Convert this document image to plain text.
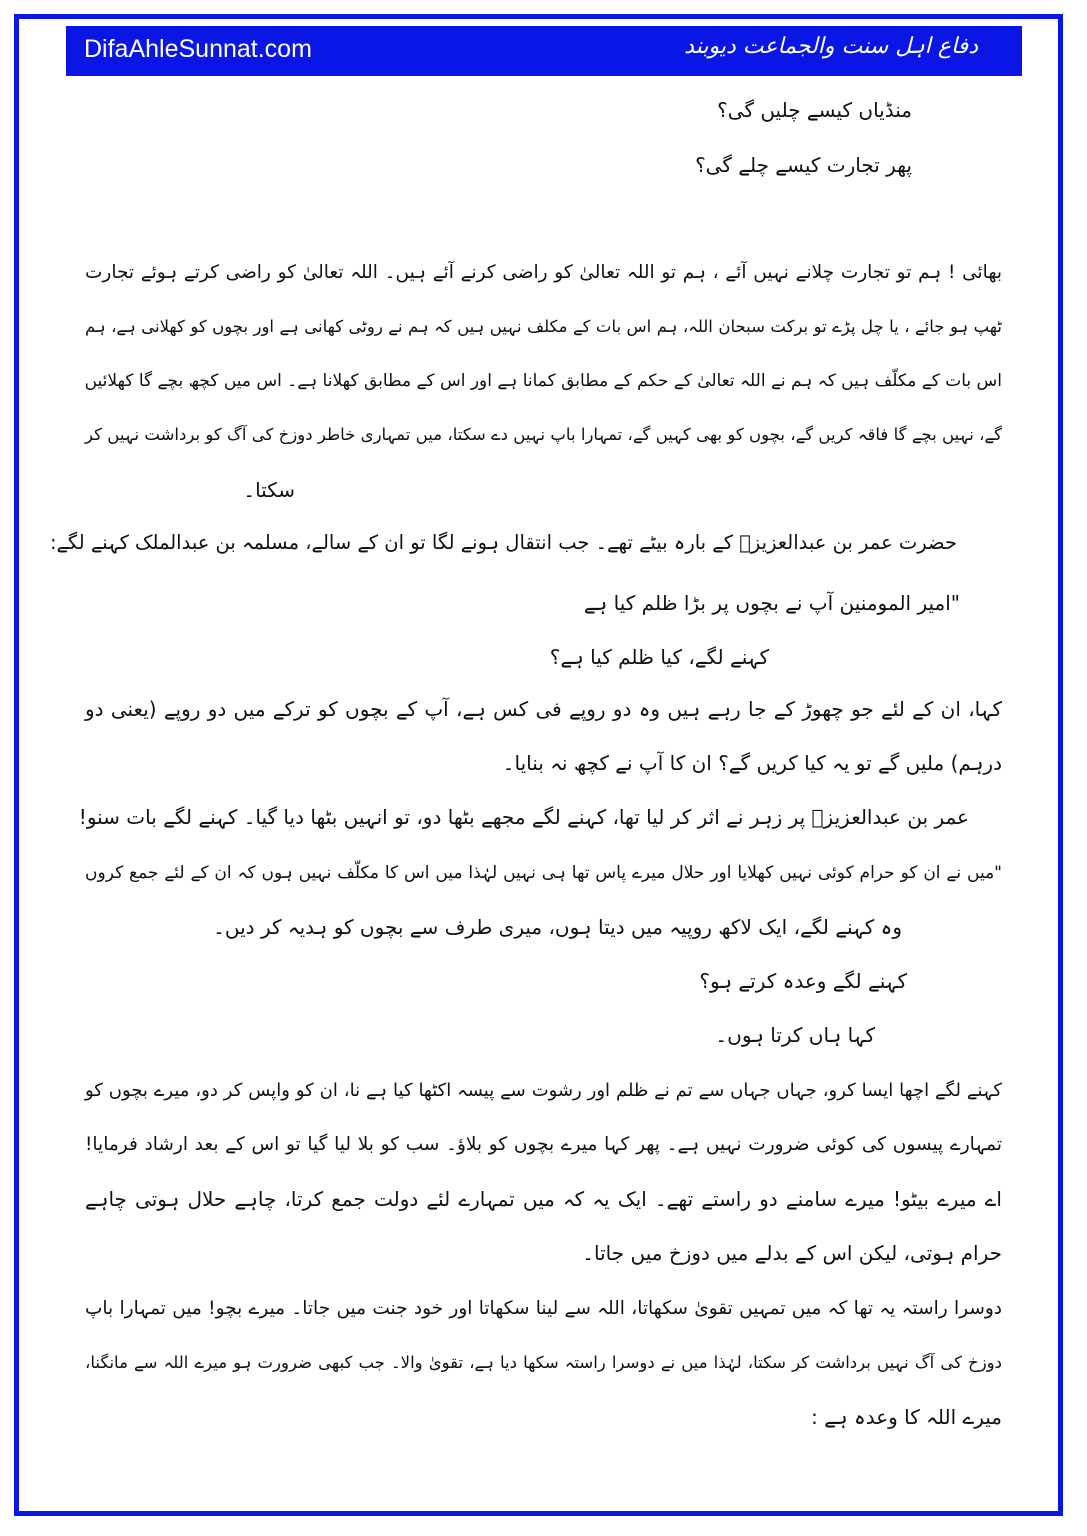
DifaAhleSunnat.com	دفاع اہل سنت والجماعت دیوبند
منڈیاں کیسے چلیں گی؟
پھر تجارت کیسے چلے گی؟
بھائی ! ہم تو تجارت چلانے نہیں آئے ، ہم تو اللہ تعالیٰ کو راضی کرنے آئے ہیں۔ اللہ تعالیٰ کو راضی کرتے ہوئے تجارت
ٹھپ ہو جائے ، یا چل پڑے تو برکت سبحان اللہ، ہم اس بات کے مکلف نہیں ہیں کہ ہم نے روٹی کھانی ہے اور بچوں کو کھلانی ہے، ہم
اس بات کے مکلّف ہیں کہ ہم نے اللہ تعالیٰ کے حکم کے مطابق کمانا ہے اور اس کے مطابق کھلانا ہے۔ اس میں کچھ بچے گا کھلائیں
گے، نہیں بچے گا فاقہ کریں گے، بچوں کو بھی کہیں گے، تمہارا باپ نہیں دے سکتا، میں تمہاری خاطر دوزخ کی آگ کو برداشت نہیں کر
سکتا۔
حضرت عمر بن عبدالعزیزؒ کے بارہ بیٹے تھے۔ جب انتقال ہونے لگا تو ان کے سالے، مسلمہ بن عبدالملک کہنے لگے:
"امیر المومنین آپ نے بچوں پر بڑا ظلم کیا ہے
کہنے لگے، کیا ظلم کیا ہے؟
کہا، ان کے لئے جو چھوڑ کے جا رہے ہیں وہ دو روپے فی کس ہے، آپ کے بچوں کو ترکے میں دو روپے (یعنی دو
درہم) ملیں گے تو یہ کیا کریں گے؟ ان کا آپ نے کچھ نہ بنایا۔
عمر بن عبدالعزیزؒ پر زہر نے اثر کر لیا تھا، کہنے لگے مجھے بٹھا دو، تو انہیں بٹھا دیا گیا۔ کہنے لگے بات سنو!
"میں نے ان کو حرام کوئی نہیں کھلایا اور حلال میرے پاس تھا ہی نہیں لہٰذا میں اس کا مکلّف نہیں ہوں کہ ان کے لئے جمع کروں
وہ کہنے لگے، ایک لاکھ روپیہ میں دیتا ہوں، میری طرف سے بچوں کو ہدیہ کر دیں۔
کہنے لگے وعدہ کرتے ہو؟
کہا ہاں کرتا ہوں۔
کہنے لگے اچھا ایسا کرو، جہاں جہاں سے تم نے ظلم اور رشوت سے پیسہ اکٹھا کیا ہے نا، ان کو واپس کر دو، میرے بچوں کو
تمہارے پیسوں کی کوئی ضرورت نہیں ہے۔ پھر کہا میرے بچوں کو بلاؤ۔ سب کو بلا لیا گیا تو اس کے بعد ارشاد فرمایا!
اے میرے بیٹو! میرے سامنے دو راستے تھے۔ ایک یہ کہ میں تمہارے لئے دولت جمع کرتا، چاہے حلال ہوتی چاہے
حرام ہوتی، لیکن اس کے بدلے میں دوزخ میں جاتا۔
دوسرا راستہ یہ تھا کہ میں تمہیں تقویٰ سکھاتا، اللہ سے لینا سکھاتا اور خود جنت میں جاتا۔ میرے بچو! میں تمہارا باپ
دوزخ کی آگ نہیں برداشت کر سکتا، لہٰذا میں نے دوسرا راستہ سکھا دیا ہے، تقویٰ والا۔ جب کبھی ضرورت ہو میرے اللہ سے مانگنا،
میرے اللہ کا وعدہ ہے :
